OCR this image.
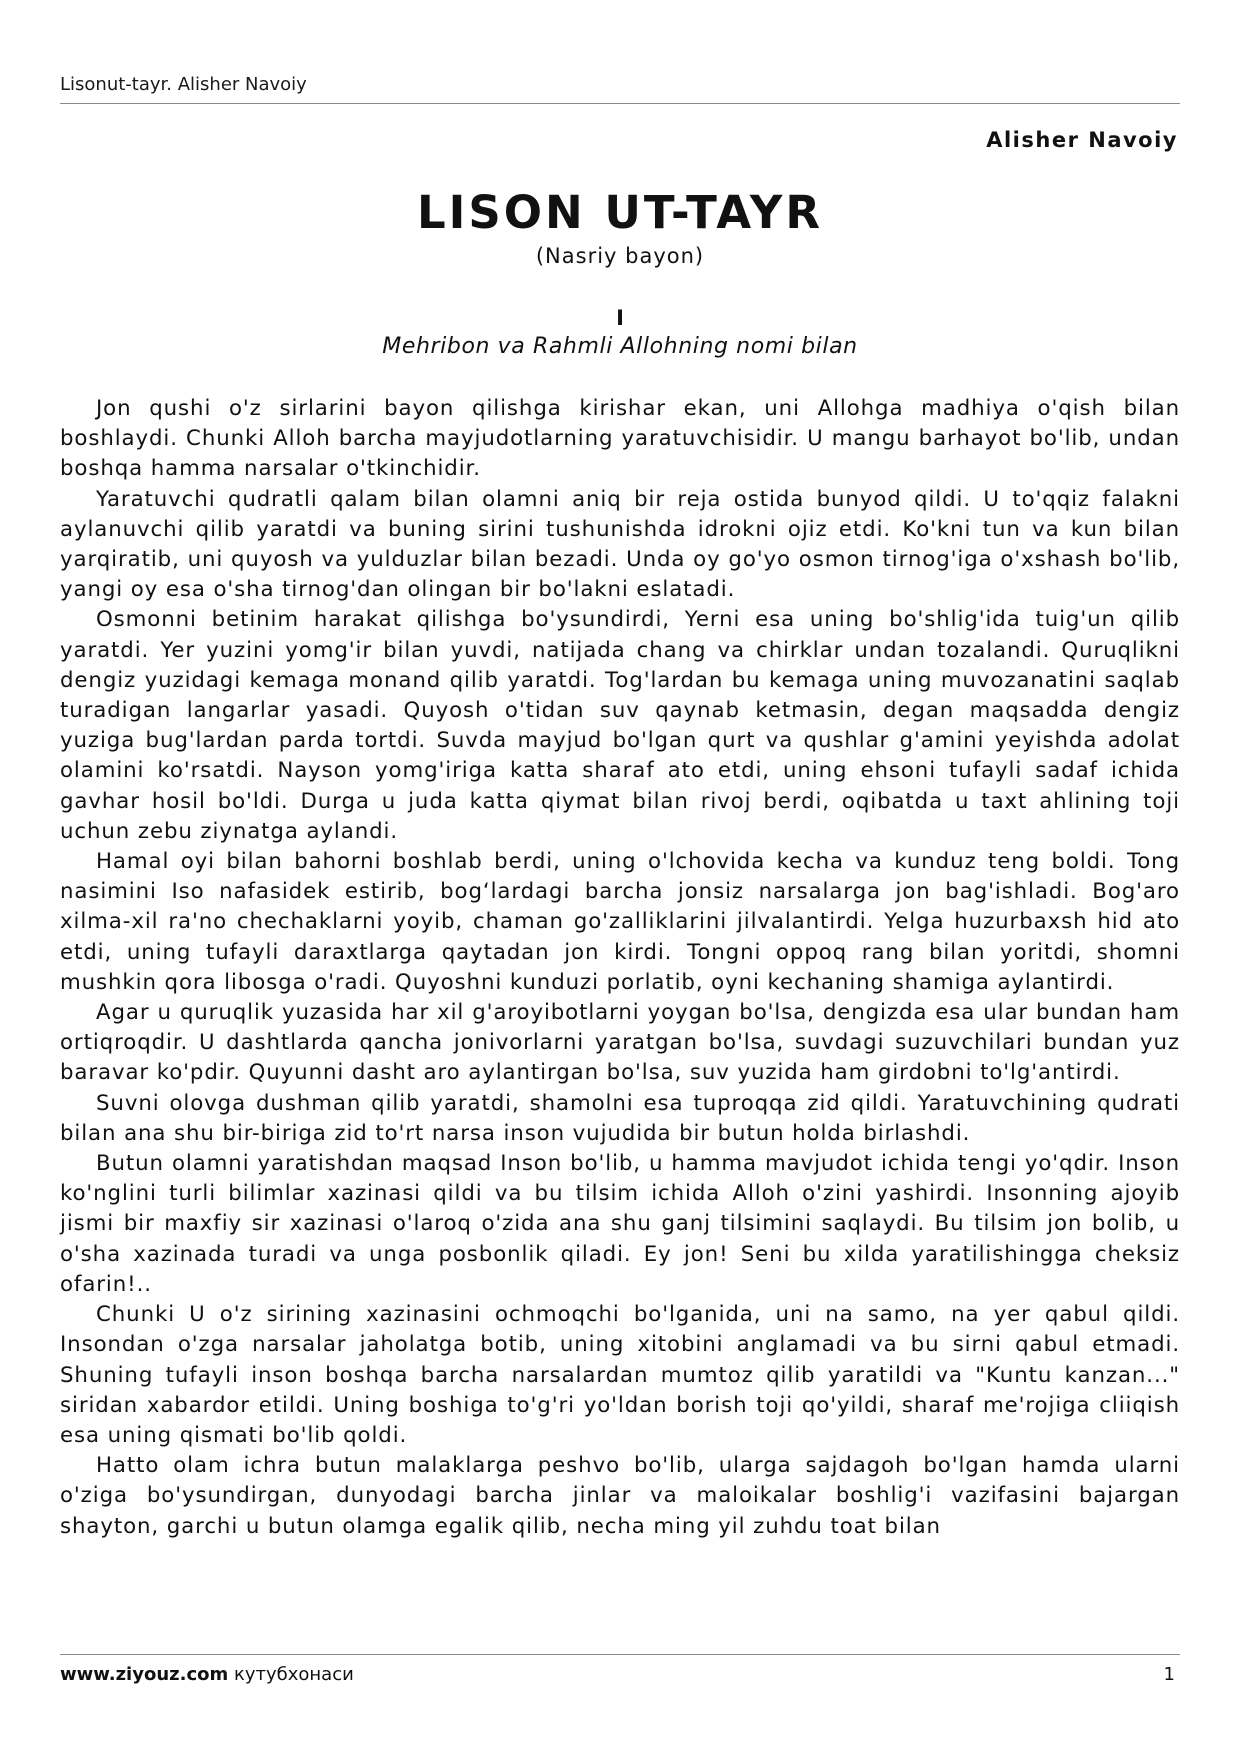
Lisonut-tayr. Alisher Navoiy
Alisher Navoiy
LISON UT-TAYR
(Nasriy bayon)
I
Mehribon va Rahmli Allohning nomi bilan

Jon qushi o'z sirlarini bayon qilishga kirishar ekan, uni Allohga madhiya o'qish bilan boshlaydi. Chunki Alloh barcha mayjudotlarning yaratuvchisidir. U mangu barhayot bo'lib, undan boshqa hamma narsalar o'tkinchidir.

Yaratuvchi qudratli qalam bilan olamni aniq bir reja ostida bunyod qildi. U to'qqiz falakni aylanuvchi qilib yaratdi va buning sirini tushunishda idrokni ojiz etdi. Ko'kni tun va kun bilan yarqiratib, uni quyosh va yulduzlar bilan bezadi. Unda oy go'yo osmon tirnog'iga o'xshash bo'lib, yangi oy esa o'sha tirnog'dan olingan bir bo'lakni eslatadi.

Osmonni betinim harakat qilishga bo'ysundirdi, Yerni esa uning bo'shlig'ida tuig'un qilib yaratdi. Yer yuzini yomg'ir bilan yuvdi, natijada chang va chirklar undan tozalandi. Quruqlikni dengiz yuzidagi kemaga monand qilib yaratdi. Tog'lardan bu kemaga uning muvozanatini saqlab turadigan langarlar yasadi. Quyosh o'tidan suv qaynab ketmasin, degan maqsadda dengiz yuziga bug'lardan parda tortdi. Suvda mayjud bo'lgan qurt va qushlar g'amini yeyishda adolat olamini ko'rsatdi. Nayson yomg'iriga katta sharaf ato etdi, uning ehsoni tufayli sadaf ichida gavhar hosil bo'ldi. Durga u juda katta qiymat bilan rivoj berdi, oqibatda u taxt ahlining toji uchun zebu ziynatga aylandi.

Hamal oyi bilan bahorni boshlab berdi, uning o'lchovida kecha va kunduz teng boldi. Tong nasimini Iso nafasidek estirib, bog‘lardagi barcha jonsiz narsalarga jon bag'ishladi. Bog'aro xilma-xil ra'no chechaklarni yoyib, chaman go'zalliklarini jilvalantirdi. Yelga huzurbaxsh hid ato etdi, uning tufayli daraxtlarga qaytadan jon kirdi. Tongni oppoq rang bilan yoritdi, shomni mushkin qora libosga o'radi. Quyoshni kunduzi porlatib, oyni kechaning shamiga aylantirdi.

Agar u quruqlik yuzasida har xil g'aroyibotlarni yoygan bo'lsa, dengizda esa ular bundan ham ortiqroqdir. U dashtlarda qancha jonivorlarni yaratgan bo'lsa, suvdagi suzuvchilari bundan yuz baravar ko'pdir. Quyunni dasht aro aylantirgan bo'lsa, suv yuzida ham girdobni to'lg'antirdi.

Suvni olovga dushman qilib yaratdi, shamolni esa tuproqqa zid qildi. Yaratuvchining qudrati bilan ana shu bir-biriga zid to'rt narsa inson vujudida bir butun holda birlashdi.

Butun olamni yaratishdan maqsad Inson bo'lib, u hamma mavjudot ichida tengi yo'qdir. Inson ko'nglini turli bilimlar xazinasi qildi va bu tilsim ichida Alloh o'zini yashirdi. Insonning ajoyib jismi bir maxfiy sir xazinasi o'laroq o'zida ana shu ganj tilsimini saqlaydi. Bu tilsim jon bolib, u o'sha xazinada turadi va unga posbonlik qiladi. Ey jon! Seni bu xilda yaratilishingga cheksiz ofarin!..

Chunki U o'z sirining xazinasini ochmoqchi bo'lganida, uni na samo, na yer qabul qildi. Insondan o'zga narsalar jaholatga botib, uning xitobini anglamadi va bu sirni qabul etmadi. Shuning tufayli inson boshqa barcha narsalardan mumtoz qilib yaratildi va "Kuntu kanzan..." siridan xabardor etildi. Uning boshiga to'g'ri yo'ldan borish toji qo'yildi, sharaf me'rojiga cliiqish esa uning qismati bo'lib qoldi.

Hatto olam ichra butun malaklarga peshvo bo'lib, ularga sajdagoh bo'lgan hamda ularni o'ziga bo'ysundirgan, dunyodagi barcha jinlar va maloikalar boshlig'i vazifasini bajargan shayton, garchi u butun olamga egalik qilib, necha ming yil zuhdu toat bilan

www.ziyouz.com кутубхонаси	1
